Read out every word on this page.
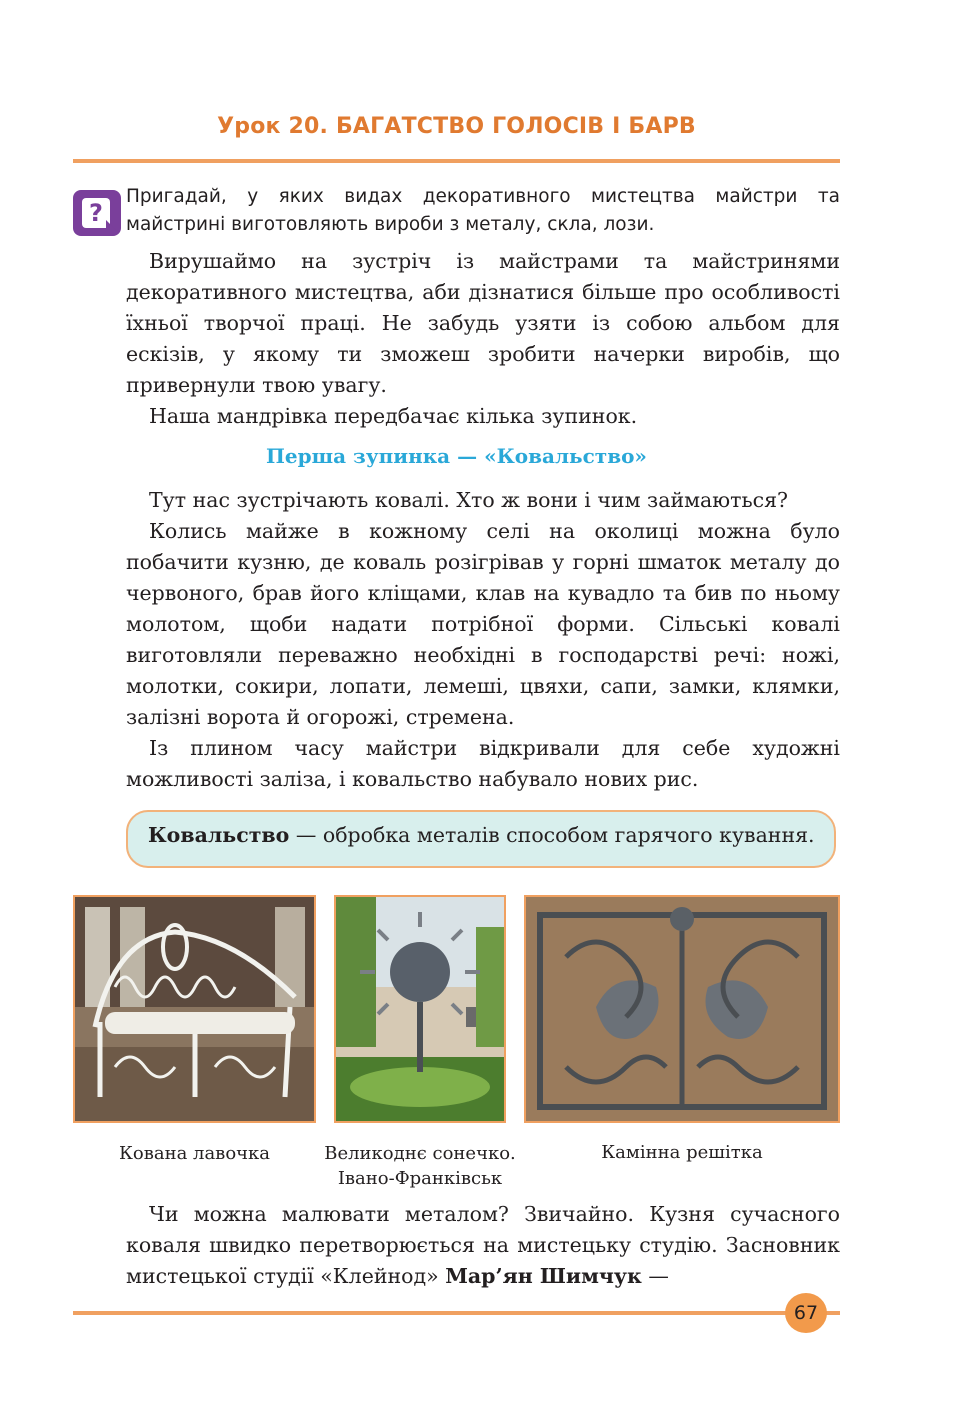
Урок 20. БАГАТСТВО ГОЛОСІВ І БАРВ
?
Пригадай, у яких видах декоративного мистецтва майстри та майстрині виготовляють вироби з металу, скла, лози.

Вирушаймо на зустріч із майстрами та майстринями декоративного мистецтва, аби дізнатися більше про особливості їхньої творчої праці. Не забудь узяти із собою альбом для ескізів, у якому ти зможеш зробити начерки виробів, що привернули твою увагу.

Наша мандрівка передбачає кілька зупинок.

Перша зупинка — «Ковальство»

Тут нас зустрічають ковалі. Хто ж вони і чим займаються?

Колись майже в кожному селі на околиці можна було побачити кузню, де коваль розігрівав у горні шматок металу до червоного, брав його кліщами, клав на кувадло та бив по ньому молотом, щоби надати потрібної форми. Сільські ковалі виготовляли переважно необхідні в господарстві речі: ножі, молотки, сокири, лопати, лемеші, цвяхи, сапи, замки, клямки, залізні ворота й огорожі, стремена.

Із плином часу майстри відкривали для себе художні можливості заліза, і ковальство набувало нових рис.

Ковальство — обробка металів способом гарячого кування.
Кована лавочка	Великоднє сонечко.
Івано-Франківськ
Камінна решітка

Чи можна малювати металом? Звичайно. Кузня сучасного коваля швидко перетворюється на мистецьку студію. Засновник мистецької студії «Клейнод» Мар’ян Шимчук —

67
